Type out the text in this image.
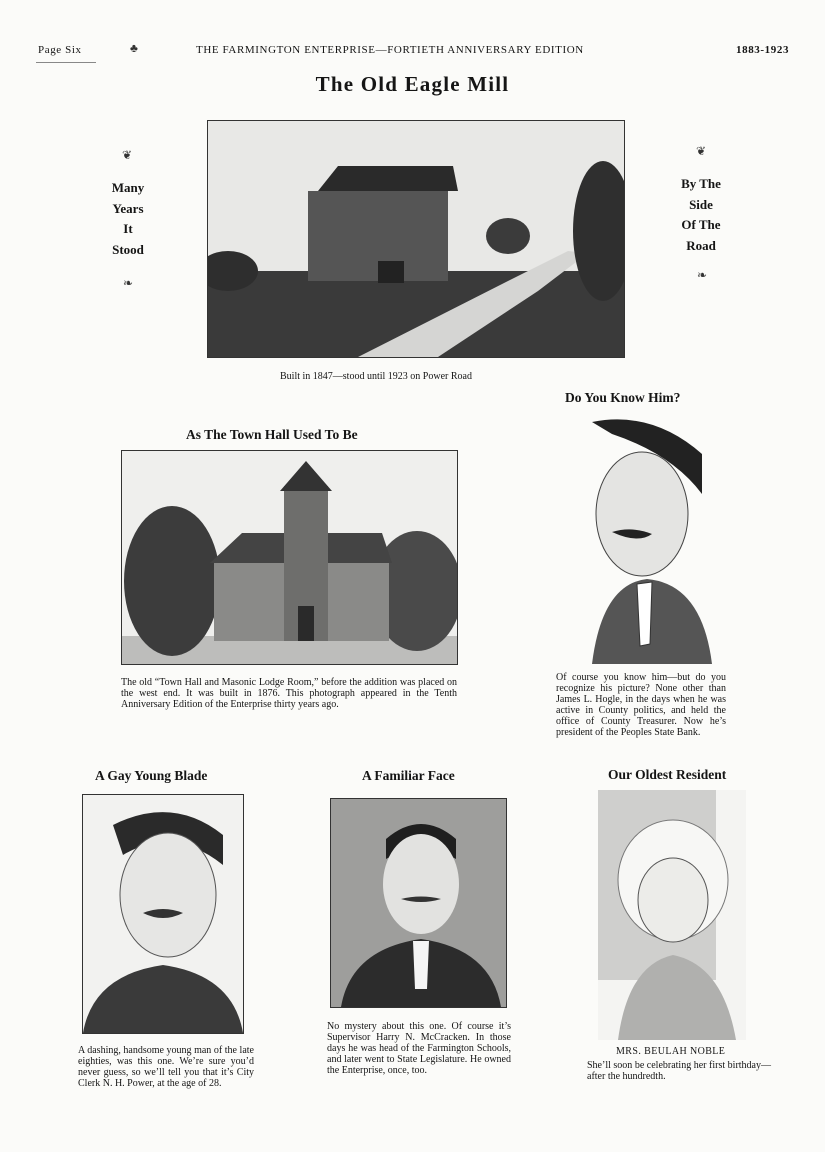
Page Six	♣	THE FARMINGTON ENTERPRISE—FORTIETH ANNIVERSARY EDITION	1883-1923
The Old Eagle Mill
❦
Many
Years
It
Stood
❧
❦
By The
Side
Of The
Road
❧
Built in 1847—stood until 1923 on Power Road
As The Town Hall Used To Be
The old “Town Hall and Masonic Lodge Room,” before the addition was placed on the west end. It was built in 1876. This photograph appeared in the Tenth Anniversary Edition of the Enterprise thirty years ago.
Do You Know Him?
Of course you know him—but do you recognize his picture? None other than James L. Hogle, in the days when he was active in County politics, and held the office of County Treasurer. Now he’s president of the Peoples State Bank.
A Gay Young Blade
A dashing, handsome young man of the late eighties, was this one. We’re sure you’d never guess, so we’ll tell you that it’s City Clerk N. H. Power, at the age of 28.
A Familiar Face
No mystery about this one. Of course it’s Supervisor Harry N. McCracken. In those days he was head of the Farmington Schools, and later went to State Legislature. He owned the Enterprise, once, too.
Our Oldest Resident
MRS. BEULAH NOBLE
She’ll soon be celebrating her first birthday—after the hundredth.
